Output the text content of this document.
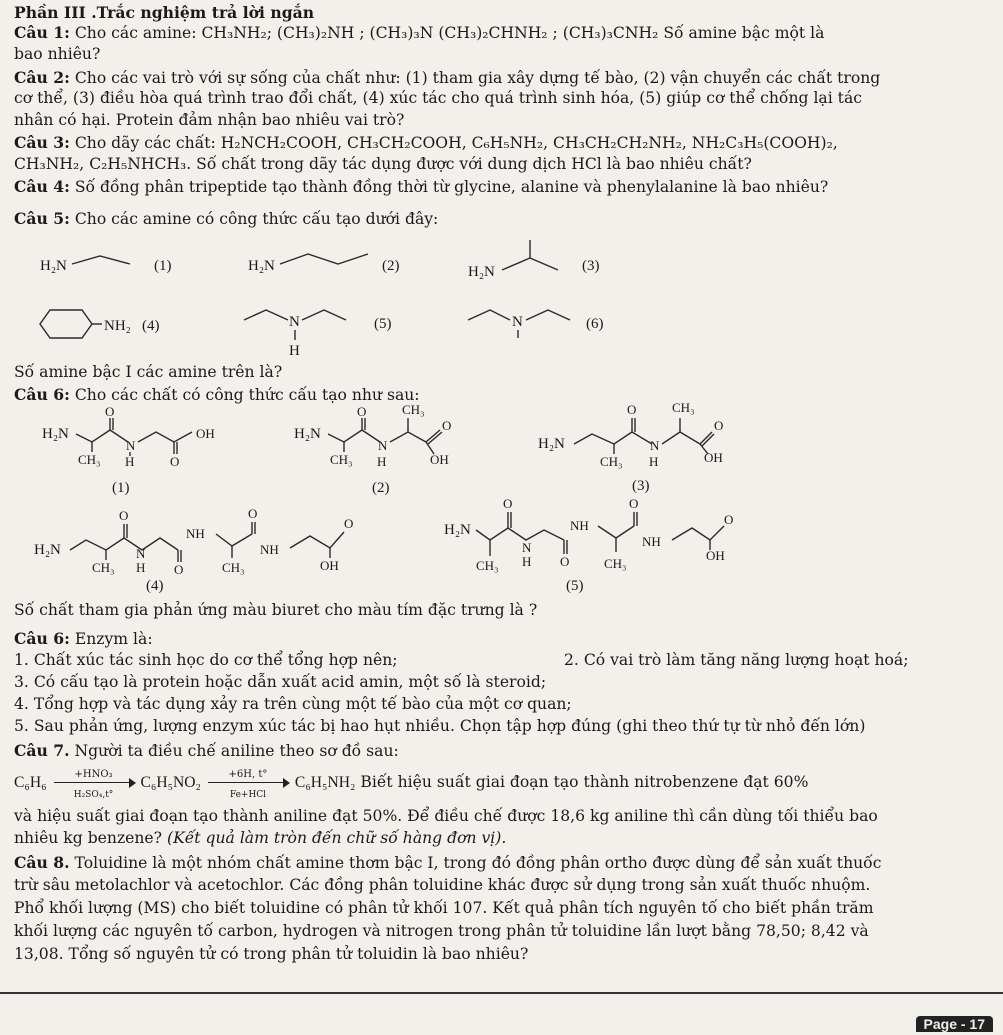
Phần III .Trắc nghiệm trả lời ngắn
Câu 1: Cho các amine: CH₃NH₂; (CH₃)₂NH ; (CH₃)₃N (CH₃)₂CHNH₂ ; (CH₃)₃CNH₂ Số amine bậc một là
bao nhiêu?
Câu 2: Cho các vai trò với sự sống của chất như: (1) tham gia xây dựng tế bào, (2) vận chuyển các chất trong
cơ thể, (3) điều hòa quá trình trao đổi chất, (4) xúc tác cho quá trình sinh hóa, (5) giúp cơ thể chống lại tác
nhân có hại. Protein đảm nhận bao nhiêu vai trò?
Câu 3: Cho dãy các chất: H₂NCH₂COOH, CH₃CH₂COOH, C₆H₅NH₂, CH₃CH₂CH₂NH₂, NH₂C₃H₅(COOH)₂,
CH₃NH₂, C₂H₅NHCH₃. Số chất trong dãy tác dụng được với dung dịch HCl là bao nhiêu chất?
Câu 4: Số đồng phân tripeptide tạo thành đồng thời từ glycine, alanine và phenylalanine là bao nhiêu?
Câu 5: Cho các amine có công thức cấu tạo dưới đây:
H₂N	(1)	H₂N	(2)	H₂N	(3)
NH₂ (4)	N
H
(5)	N	(6)
Số amine bậc I các amine trên là?
Câu 6: Cho các chất có công thức cấu tạo như sau:
H₂N
O
N
CH₃ H	O
OH
(1)
H₂N
O
N
CH₃ H
CH₃
O
OH
(2)
H₂N
O
CH₃
N
H
CH₃
O
OH
(3)
H₂N
CH₃
O
N
H O
NH
CH₃
O
NH
OH
O
(4)
H₂N
CH₃
O
N
H O
NH
CH₃
O
NH
OH
O
(5)
Số chất tham gia phản ứng màu biuret cho màu tím đặc trưng là ?
Câu 6: Enzym là:
1. Chất xúc tác sinh học do cơ thể tổng hợp nên;	2. Có vai trò làm tăng năng lượng hoạt hoá;
3. Có cấu tạo là protein hoặc dẫn xuất acid amin, một số là steroid;
4. Tổng hợp và tác dụng xảy ra trên cùng một tế bào của một cơ quan;
5. Sau phản ứng, lượng enzym xúc tác bị hao hụt nhiều. Chọn tập hợp đúng (ghi theo thứ tự từ nhỏ đến lớn)
Câu 7. Người ta điều chế aniline theo sơ đồ sau:
C₆H₆	+HNO₃
H₂SO₄,t°
C₆H₅NO₂	+6H, t°
Fe+HCl
C₆H₅NH₂ Biết hiệu suất giai đoạn tạo thành nitrobenzene đạt 60%
và hiệu suất giai đoạn tạo thành aniline đạt 50%. Để điều chế được 18,6 kg aniline thì cần dùng tối thiểu bao
nhiêu kg benzene? (Kết quả làm tròn đến chữ số hàng đơn vị).
Câu 8. Toluidine là một nhóm chất amine thơm bậc I, trong đó đồng phân ortho được dùng để sản xuất thuốc
trừ sâu metolachlor và acetochlor. Các đồng phân toluidine khác được sử dụng trong sản xuất thuốc nhuộm.
Phổ khối lượng (MS) cho biết toluidine có phân tử khối 107. Kết quả phân tích nguyên tố cho biết phần trăm
khối lượng các nguyên tố carbon, hydrogen và nitrogen trong phân tử toluidine lần lượt bằng 78,50; 8,42 và
13,08. Tổng số nguyên tử có trong phân tử toluidin là bao nhiêu?
Page - 17
